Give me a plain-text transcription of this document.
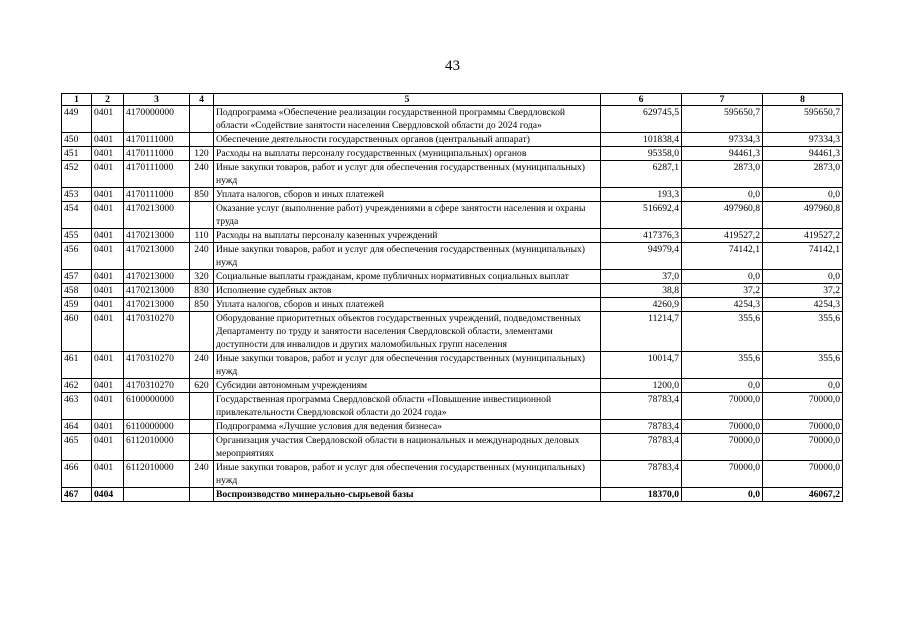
43
1	2	3	4	5	6	7	8
449	0401	4170000000		Подпрограмма «Обеспечение реализации государственной программы Свердловской области «Содействие занятости населения Свердловской области до 2024 года»	629745,5	595650,7	595650,7
450	0401	4170111000		Обеспечение деятельности государственных органов (центральный аппарат)	101838,4	97334,3	97334,3
451	0401	4170111000	120	Расходы на выплаты персоналу государственных (муниципальных) органов	95358,0	94461,3	94461,3
452	0401	4170111000	240	Иные закупки товаров, работ и услуг для обеспечения государственных (муниципальных) нужд	6287,1	2873,0	2873,0
453	0401	4170111000	850	Уплата налогов, сборов и иных платежей	193,3	0,0	0,0
454	0401	4170213000		Оказание услуг (выполнение работ) учреждениями в сфере занятости населения и охраны труда	516692,4	497960,8	497960,8
455	0401	4170213000	110	Расходы на выплаты персоналу казенных учреждений	417376,3	419527,2	419527,2
456	0401	4170213000	240	Иные закупки товаров, работ и услуг для обеспечения государственных (муниципальных) нужд	94979,4	74142,1	74142,1
457	0401	4170213000	320	Социальные выплаты гражданам, кроме публичных нормативных социальных выплат	37,0	0,0	0,0
458	0401	4170213000	830	Исполнение судебных актов	38,8	37,2	37,2
459	0401	4170213000	850	Уплата налогов, сборов и иных платежей	4260,9	4254,3	4254,3
460	0401	4170310270		Оборудование приоритетных объектов государственных учреждений, подведомственных Департаменту по труду и занятости населения Свердловской области, элементами доступности для инвалидов и других маломобильных групп населения	11214,7	355,6	355,6
461	0401	4170310270	240	Иные закупки товаров, работ и услуг для обеспечения государственных (муниципальных) нужд	10014,7	355,6	355,6
462	0401	4170310270	620	Субсидии автономным учреждениям	1200,0	0,0	0,0
463	0401	6100000000		Государственная программа Свердловской области «Повышение инвестиционной привлекательности Свердловской области до 2024 года»	78783,4	70000,0	70000,0
464	0401	6110000000		Подпрограмма «Лучшие условия для ведения бизнеса»	78783,4	70000,0	70000,0
465	0401	6112010000		Организация участия Свердловской области в национальных и международных деловых мероприятиях	78783,4	70000,0	70000,0
466	0401	6112010000	240	Иные закупки товаров, работ и услуг для обеспечения государственных (муниципальных) нужд	78783,4	70000,0	70000,0
467	0404			Воспроизводство минерально-сырьевой базы	18370,0	0,0	46067,2
